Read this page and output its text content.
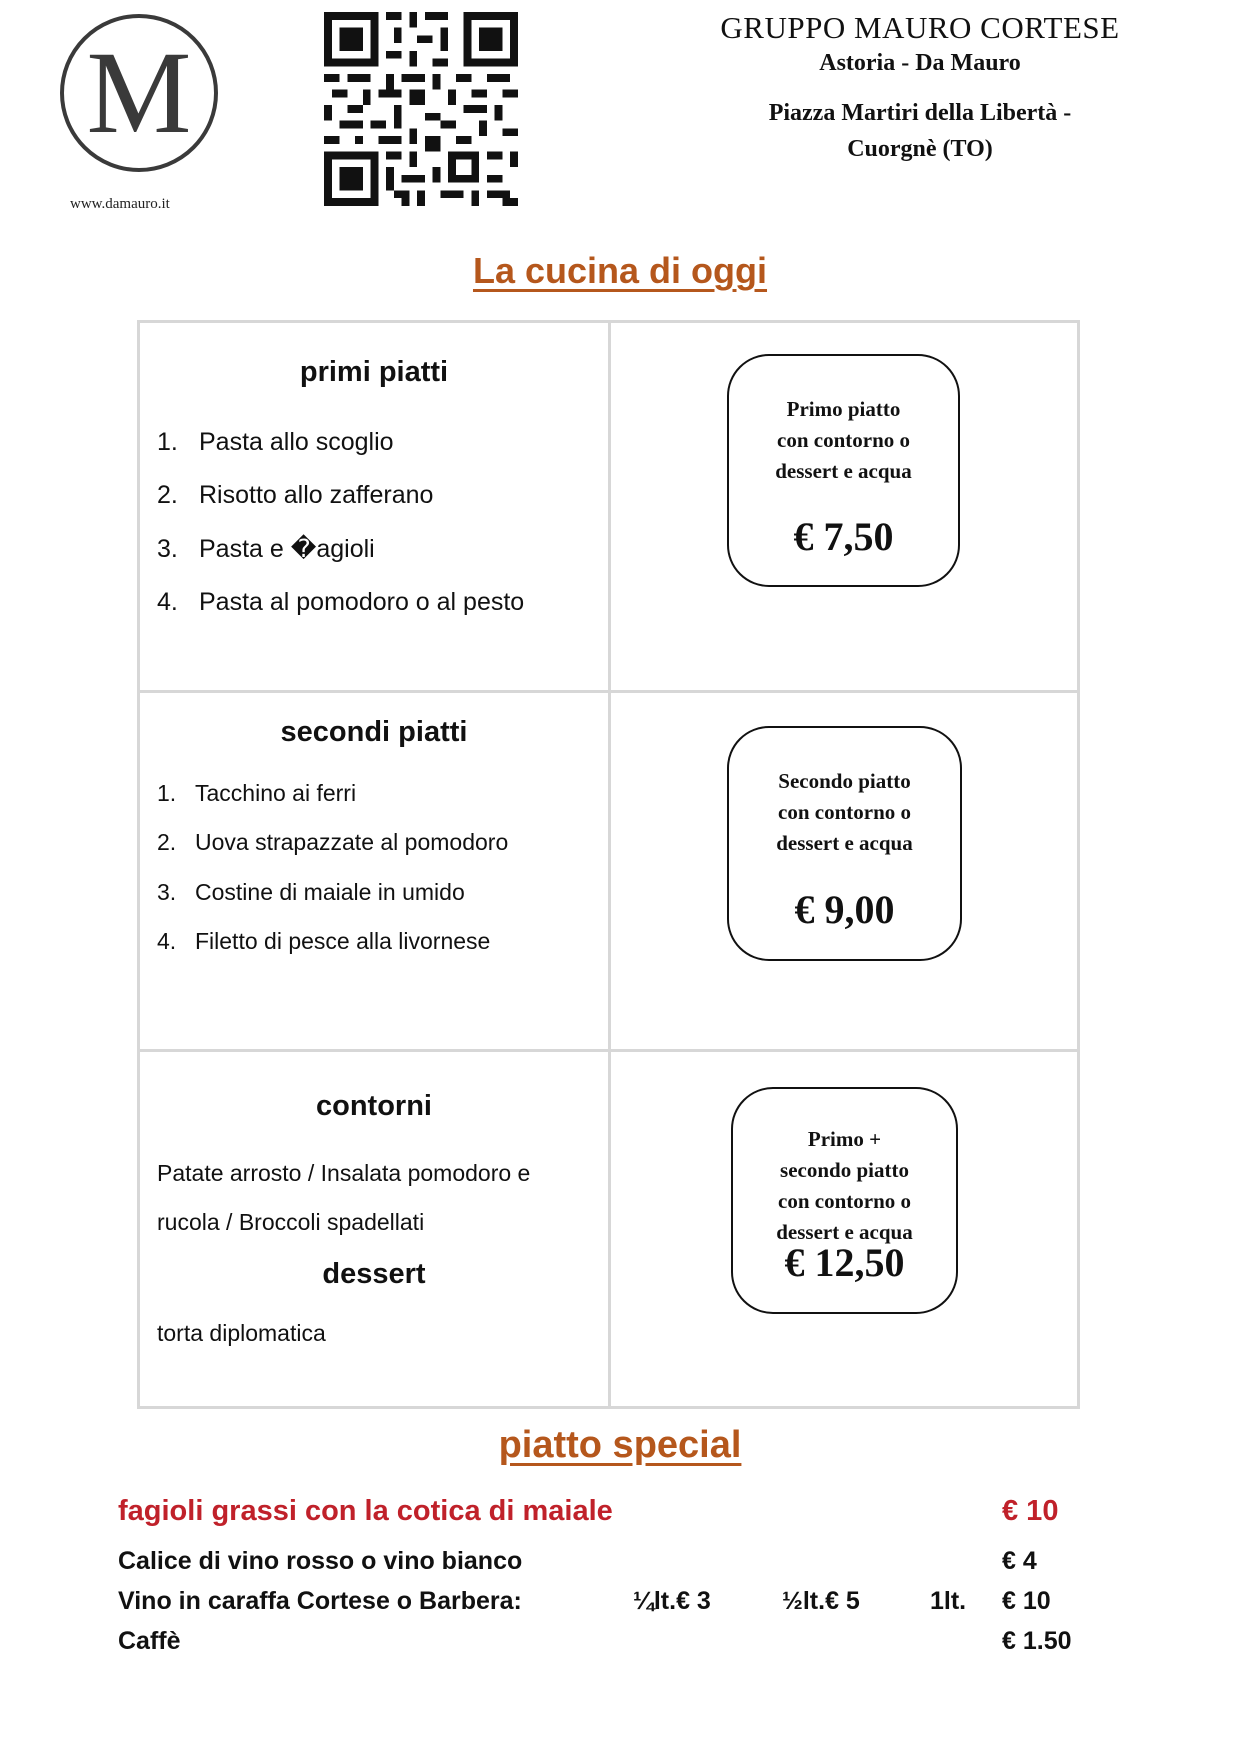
M
www.damauro.it
GRUPPO MAURO CORTESE
Astoria - Da Mauro
Piazza Martiri della Libertà -
Cuorgnè (TO)
La cucina di oggi
primi piatti
1. Pasta allo scoglio
2. Risotto allo zafferano
3. Pasta e �agioli
4. Pasta al pomodoro o al pesto
Primo piatto
con contorno o
dessert e acqua
€ 7,50
secondi piatti
1. Tacchino ai ferri
2. Uova strapazzate al pomodoro
3. Costine di maiale in umido
4. Filetto di pesce alla livornese
Secondo piatto
con contorno o
dessert e acqua
€ 9,00
contorni
Patate arrosto / Insalata pomodoro e
rucola / Broccoli spadellati
dessert
torta diplomatica
Primo +
secondo piatto
con contorno o
dessert e acqua
€ 12,50
piatto special
fagioli grassi con la cotica di maiale	€ 10
Calice di vino rosso o vino bianco	€ 4
Vino in caraffa Cortese o Barbera:	¼lt.€ 3	½lt.€ 5	1lt. € 10
Caffè	€ 1.50
